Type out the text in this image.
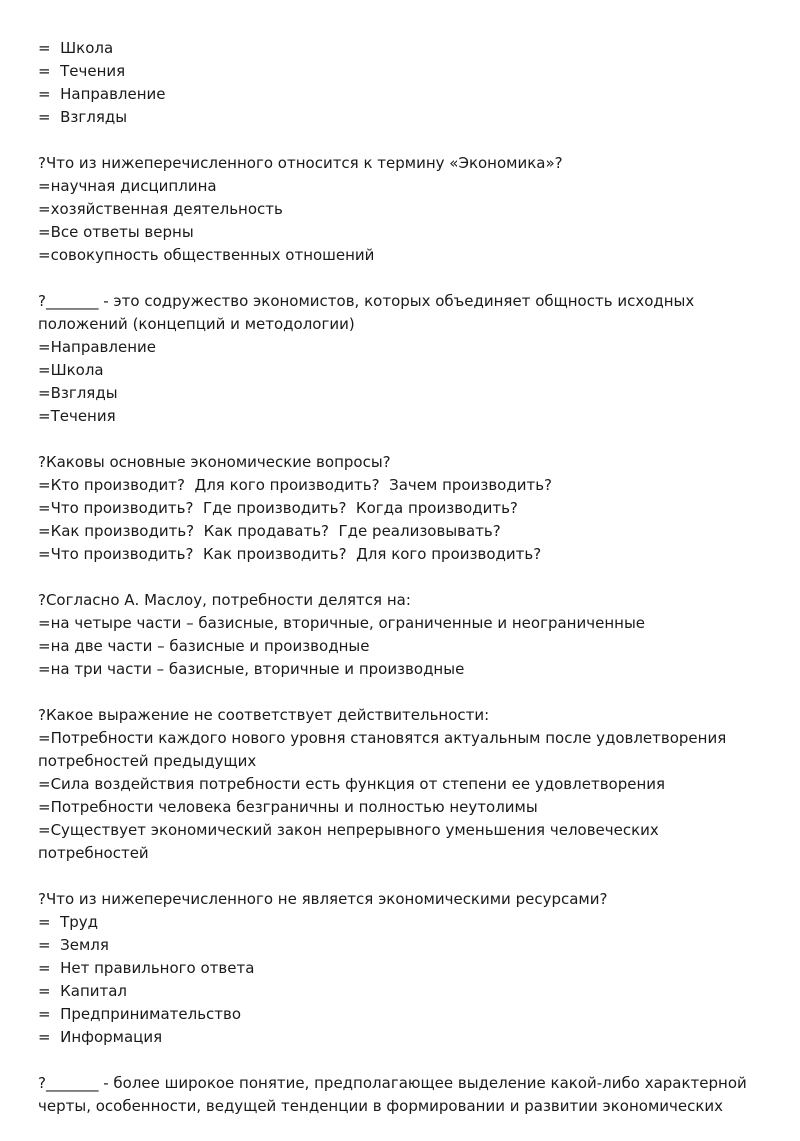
=  Школа
=  Течения
=  Направление
=  Взгляды
?Что из нижеперечисленного относится к термину «Экономика»?
=научная дисциплина
=хозяйственная деятельность
=Все ответы верны
=совокупность общественных отношений
?_______ - это содружество экономистов, которых объединяет общность исходных положений (концепций и методологии)
=Направление
=Школа
=Взгляды
=Течения
?Каковы основные экономические вопросы?
=Кто производит?  Для кого производить?  Зачем производить?
=Что производить?  Где производить?  Когда производить?
=Как производить?  Как продавать?  Где реализовывать?
=Что производить?  Как производить?  Для кого производить?
?Согласно А. Маслоу, потребности делятся на:
=на четыре части – базисные, вторичные, ограниченные и неограниченные
=на две части – базисные и производные
=на три части – базисные, вторичные и производные
?Какое выражение не соответствует действительности:
=Потребности каждого нового уровня становятся актуальным после удовлетворения потребностей предыдущих
=Сила воздействия потребности есть функция от степени ее удовлетворения
=Потребности человека безграничны и полностью неутолимы
=Существует экономический закон непрерывного уменьшения человеческих потребностей
?Что из нижеперечисленного не является экономическими ресурсами?
=  Труд
=  Земля
=  Нет правильного ответа
=  Капитал
=  Предпринимательство
=  Информация
?_______ - более широкое понятие, предполагающее выделение какой-либо характерной черты, особенности, ведущей тенденции в формировании и развитии экономических
